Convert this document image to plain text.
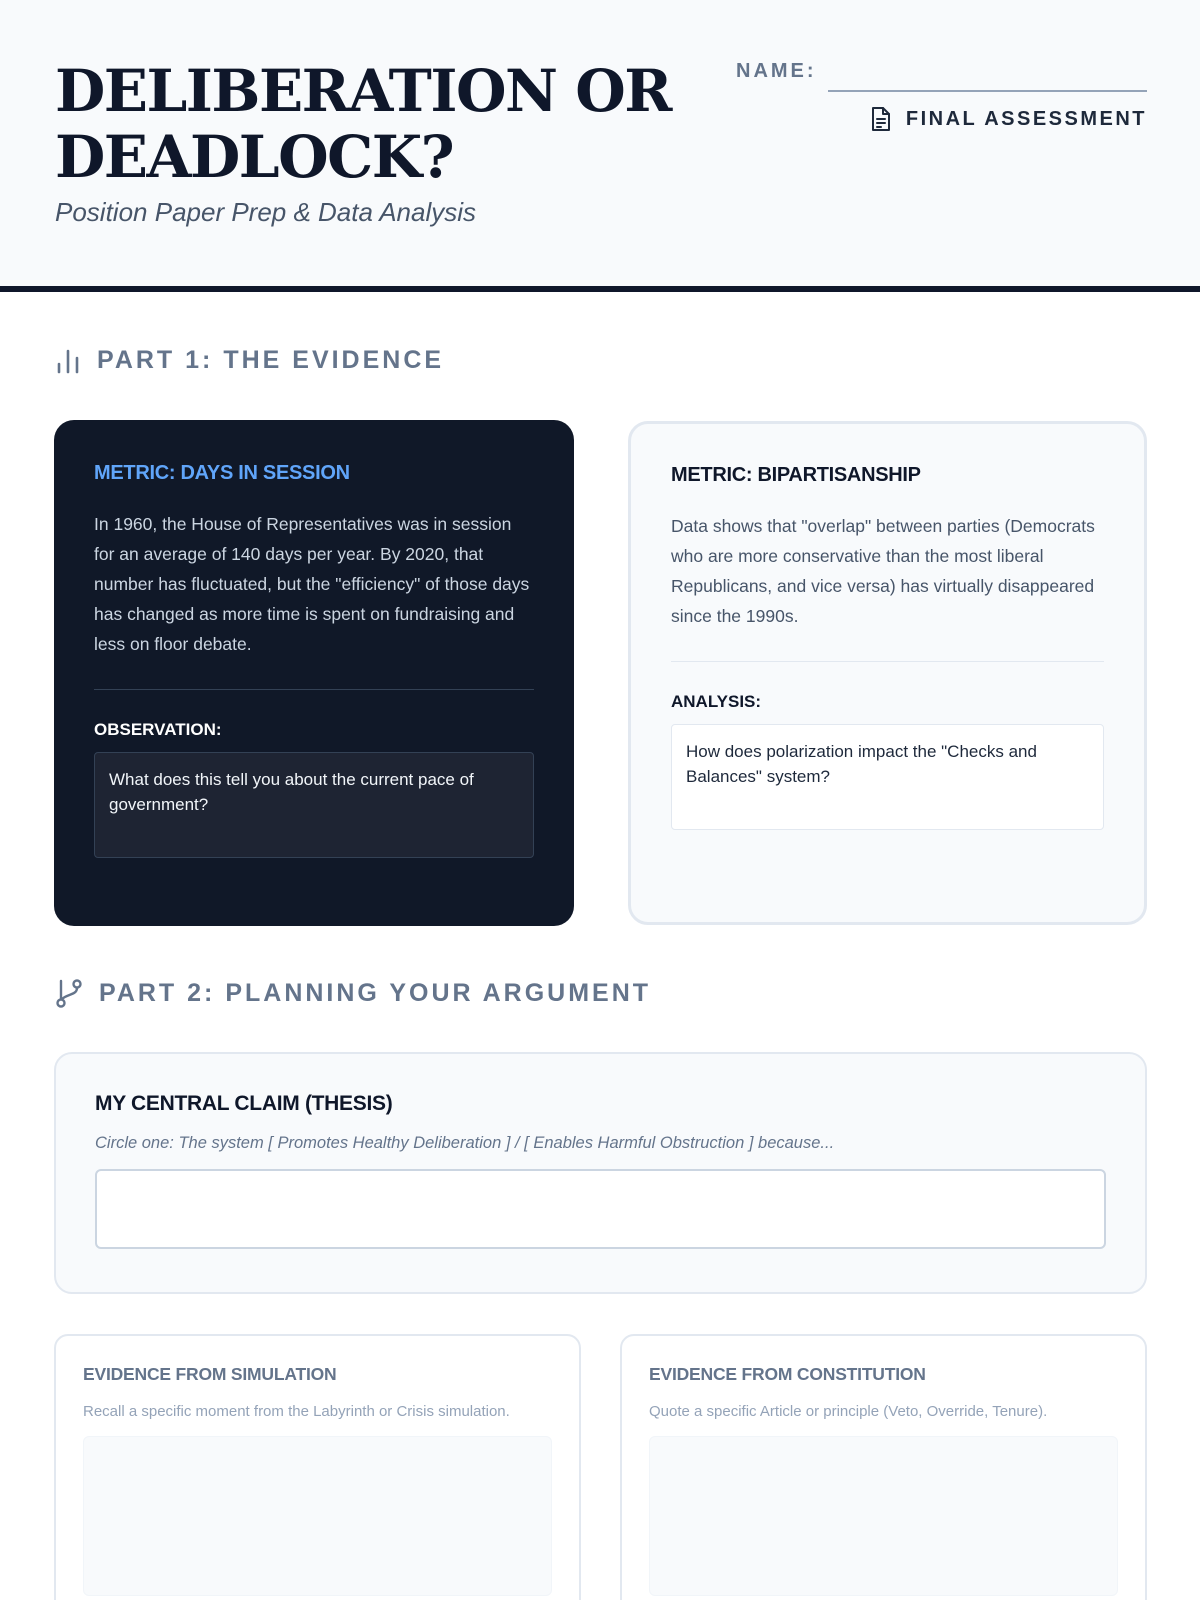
DELIBERATION OR DEADLOCK?
Position Paper Prep & Data Analysis
NAME:
FINAL ASSESSMENT
PART 1: THE EVIDENCE
METRIC: DAYS IN SESSION

In 1960, the House of Representatives was in session for an average of 140 days per year. By 2020, that number has fluctuated, but the "efficiency" of those days has changed as more time is spent on fundraising and less on floor debate.

OBSERVATION:
What does this tell you about the current pace of government?
METRIC: BIPARTISANSHIP

Data shows that "overlap" between parties (Democrats who are more conservative than the most liberal Republicans, and vice versa) has virtually disappeared since the 1990s.

ANALYSIS:
How does polarization impact the "Checks and Balances" system?
PART 2: PLANNING YOUR ARGUMENT
MY CENTRAL CLAIM (THESIS)
Circle one: The system [ Promotes Healthy Deliberation ] / [ Enables Harmful Obstruction ] because...
EVIDENCE FROM SIMULATION
Recall a specific moment from the Labyrinth or Crisis simulation.
EVIDENCE FROM CONSTITUTION
Quote a specific Article or principle (Veto, Override, Tenure).
